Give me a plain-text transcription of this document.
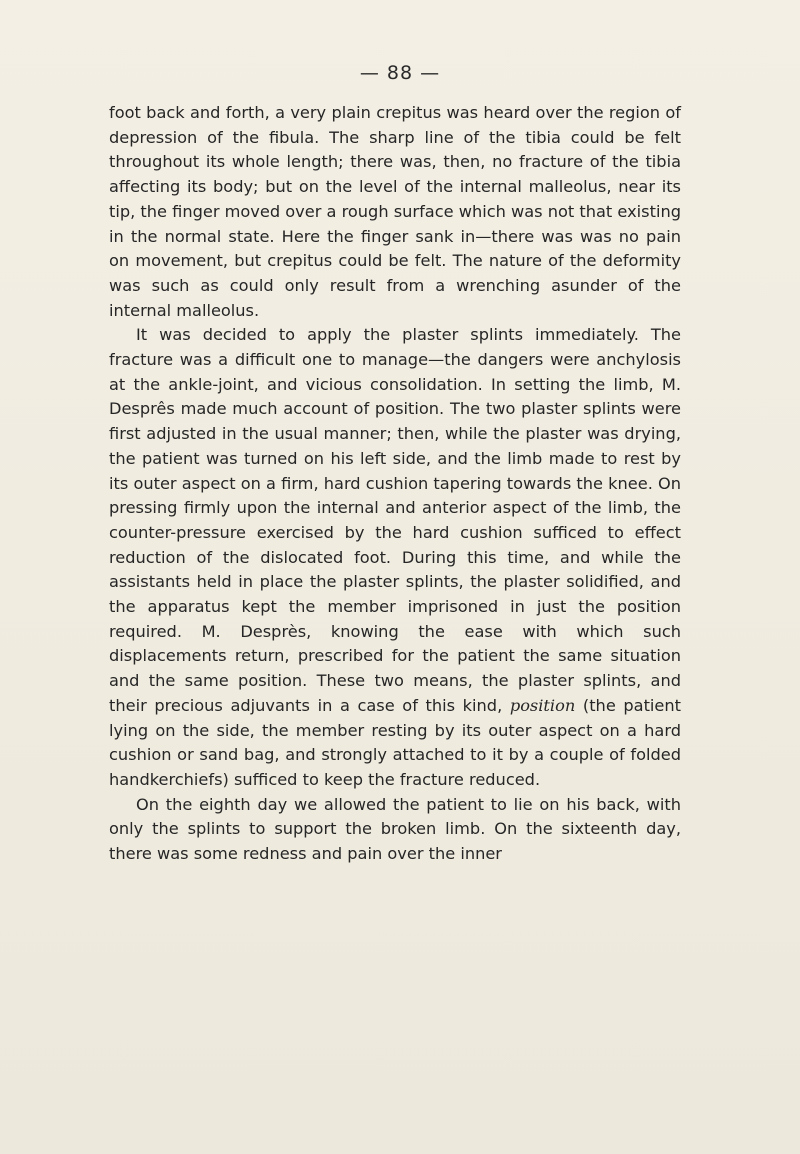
— 88 —

foot back and forth, a very plain crepitus was heard over the region of depression of the fibula. The sharp line of the tibia could be felt throughout its whole length; there was, then, no fracture of the tibia affecting its body; but on the level of the internal malleolus, near its tip, the finger moved over a rough surface which was not that existing in the normal state. Here the finger sank in—there was was no pain on movement, but crepitus could be felt. The nature of the deformity was such as could only result from a wrenching asunder of the internal malleolus.

It was decided to apply the plaster splints immediately. The fracture was a difficult one to manage—the dangers were anchylosis at the ankle-joint, and vicious consolidation. In setting the limb, M. Desprês made much account of position. The two plaster splints were first adjusted in the usual manner; then, while the plaster was drying, the patient was turned on his left side, and the limb made to rest by its outer aspect on a firm, hard cushion tapering towards the knee. On pressing firmly upon the internal and anterior aspect of the limb, the counter-pressure exercised by the hard cushion sufficed to effect reduction of the dislocated foot. During this time, and while the assistants held in place the plaster splints, the plaster solidified, and the apparatus kept the member imprisoned in just the position required. M. Desprès, knowing the ease with which such displacements return, prescribed for the patient the same situation and the same position. These two means, the plaster splints, and their precious adjuvants in a case of this kind, position (the patient lying on the side, the member resting by its outer aspect on a hard cushion or sand bag, and strongly attached to it by a couple of folded handkerchiefs) sufficed to keep the fracture reduced.

On the eighth day we allowed the patient to lie on his back, with only the splints to support the broken limb. On the sixteenth day, there was some redness and pain over the inner
